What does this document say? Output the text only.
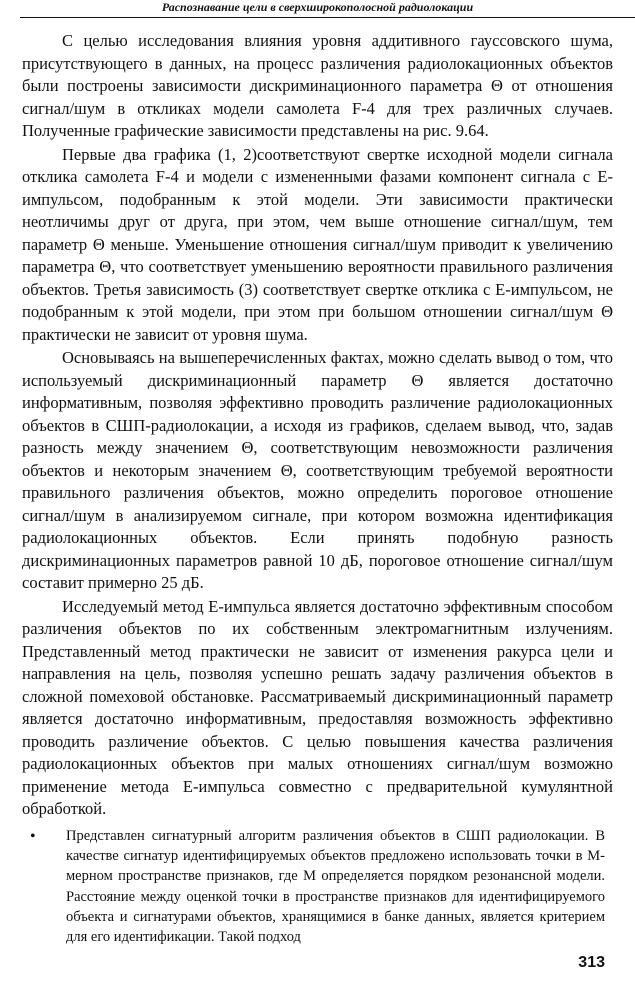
Распознавание цели в сверхширокополосной радиолокации

С целью исследования влияния уровня аддитивного гауссовского шума, присутствующего в данных, на процесс различения радиолокационных объектов были построены зависимости дискриминационного параметра Θ от отношения сигнал/шум в откликах модели самолета F-4 для трех различных случаев. Полученные графические зависимости представлены на рис. 9.64.

Первые два графика (1, 2)соответствуют свертке исходной модели сигнала отклика самолета F-4 и модели с измененными фазами компонент сигнала с E-импульсом, подобранным к этой модели. Эти зависимости практически неотличимы друг от друга, при этом, чем выше отношение сигнал/шум, тем параметр Θ меньше. Уменьшение отношения сигнал/шум приводит к увеличению параметра Θ, что соответствует уменьшению вероятности правильного различения объектов. Третья зависимость (3) соответствует свертке отклика с E-импульсом, не подобранным к этой модели, при этом при большом отношении сигнал/шум Θ практически не зависит от уровня шума.

Основываясь на вышеперечисленных фактах, можно сделать вывод о том, что используемый дискриминационный параметр Θ является достаточно информативным, позволяя эффективно проводить различение радиолокационных объектов в СШП-радиолокации, а исходя из графиков, сделаем вывод, что, задав разность между значением Θ, соответствующим невозможности различения объектов и некоторым значением Θ, соответствующим требуемой вероятности правильного различения объектов, можно определить пороговое отношение сигнал/шум в анализируемом сигнале, при котором возможна идентификация радиолокационных объектов. Если принять подобную разность дискриминационных параметров равной 10 дБ, пороговое отношение сигнал/шум составит примерно 25 дБ.

Исследуемый метод E-импульса является достаточно эффективным способом различения объектов по их собственным электромагнитным излучениям. Представленный метод практически не зависит от изменения ракурса цели и направления на цель, позволяя успешно решать задачу различения объектов в сложной помеховой обстановке. Рассматриваемый дискриминационный параметр является достаточно информативным, предоставляя возможность эффективно проводить различение объектов. С целью повышения качества различения радиолокационных объектов при малых отношениях сигнал/шум возможно применение метода E-импульса совместно с предварительной кумулянтной обработкой.

• Представлен сигнатурный алгоритм различения объектов в СШП радиолокации. В качестве сигнатур идентифицируемых объектов предложено использовать точки в M-мерном пространстве признаков, где M определяется порядком резонансной модели. Расстояние между оценкой точки в пространстве признаков для идентифицируемого объекта и сигнатурами объектов, хранящимися в банке данных, является критерием для его идентификации. Такой подход

313
